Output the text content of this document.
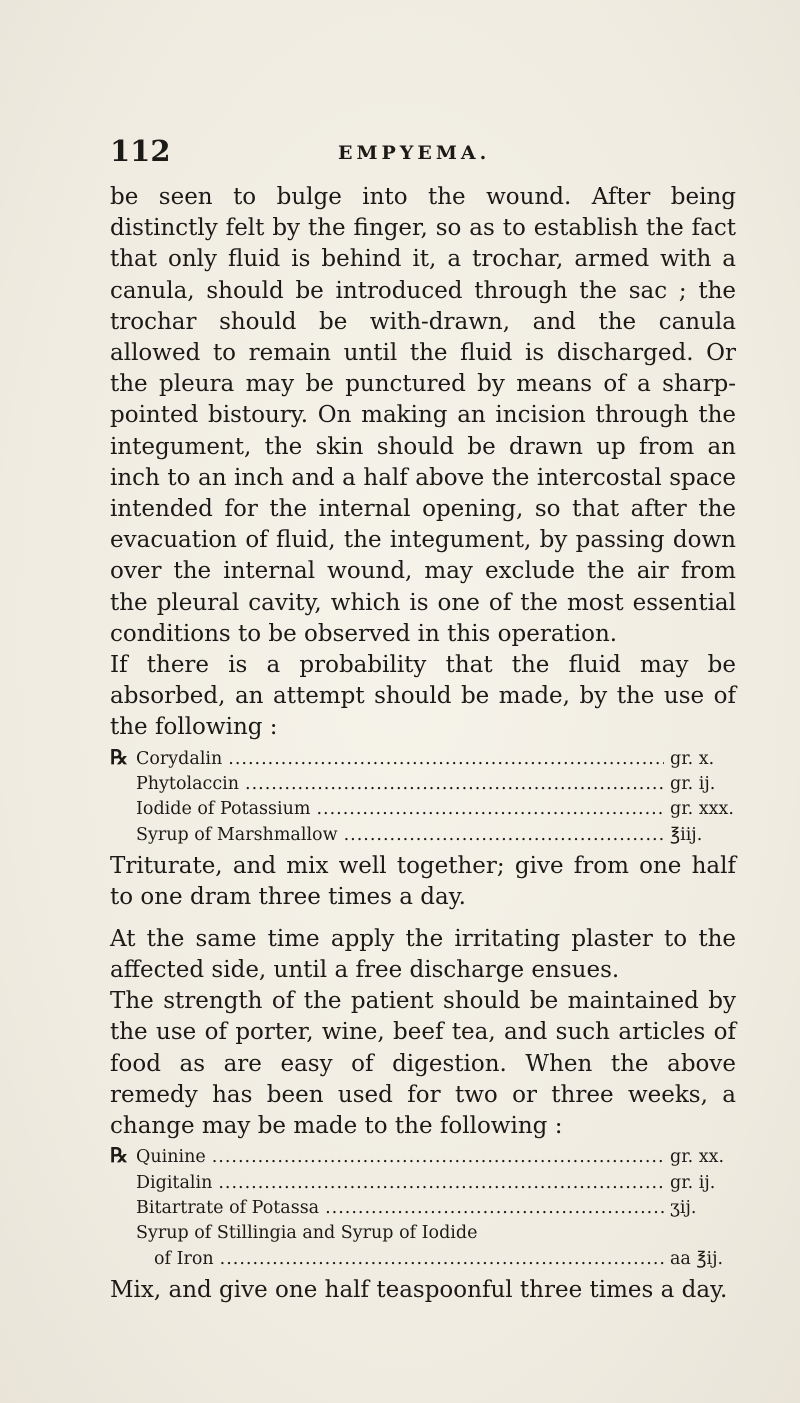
112	EMPYEMA.

be seen to bulge into the wound. After being distinctly felt by the finger, so as to establish the fact that only fluid is behind it, a trochar, armed with a canula, should be introduced through the sac ; the trochar should be with-drawn, and the canula allowed to remain until the fluid is discharged. Or the pleura may be punctured by means of a sharp-pointed bistoury. On making an incision through the integument, the skin should be drawn up from an inch to an inch and a half above the intercostal space intended for the internal opening, so that after the evacuation of fluid, the integument, by passing down over the internal wound, may exclude the air from the pleural cavity, which is one of the most essential conditions to be observed in this operation.

If there is a probability that the fluid may be absorbed, an attempt should be made, by the use of the following :

℞ Corydalin .....	gr. x.
Phytolaccin .....	gr. ij.
Iodide of Potassium .....	gr. xxx.
Syrup of Marshmallow .....	℥iij.

Triturate, and mix well together; give from one half to one dram three times a day.

At the same time apply the irritating plaster to the affected side, until a free discharge ensues.

The strength of the patient should be maintained by the use of porter, wine, beef tea, and such articles of food as are easy of digestion. When the above remedy has been used for two or three weeks, a change may be made to the following :

℞ Quinine .....	gr. xx.
Digitalin .....	gr. ij.
Bitartrate of Potassa .....	ʒij.
Syrup of Stillingia and Syrup of Iodide
of Iron .....	aa ℥ij.

Mix, and give one half teaspoonful three times a day.
